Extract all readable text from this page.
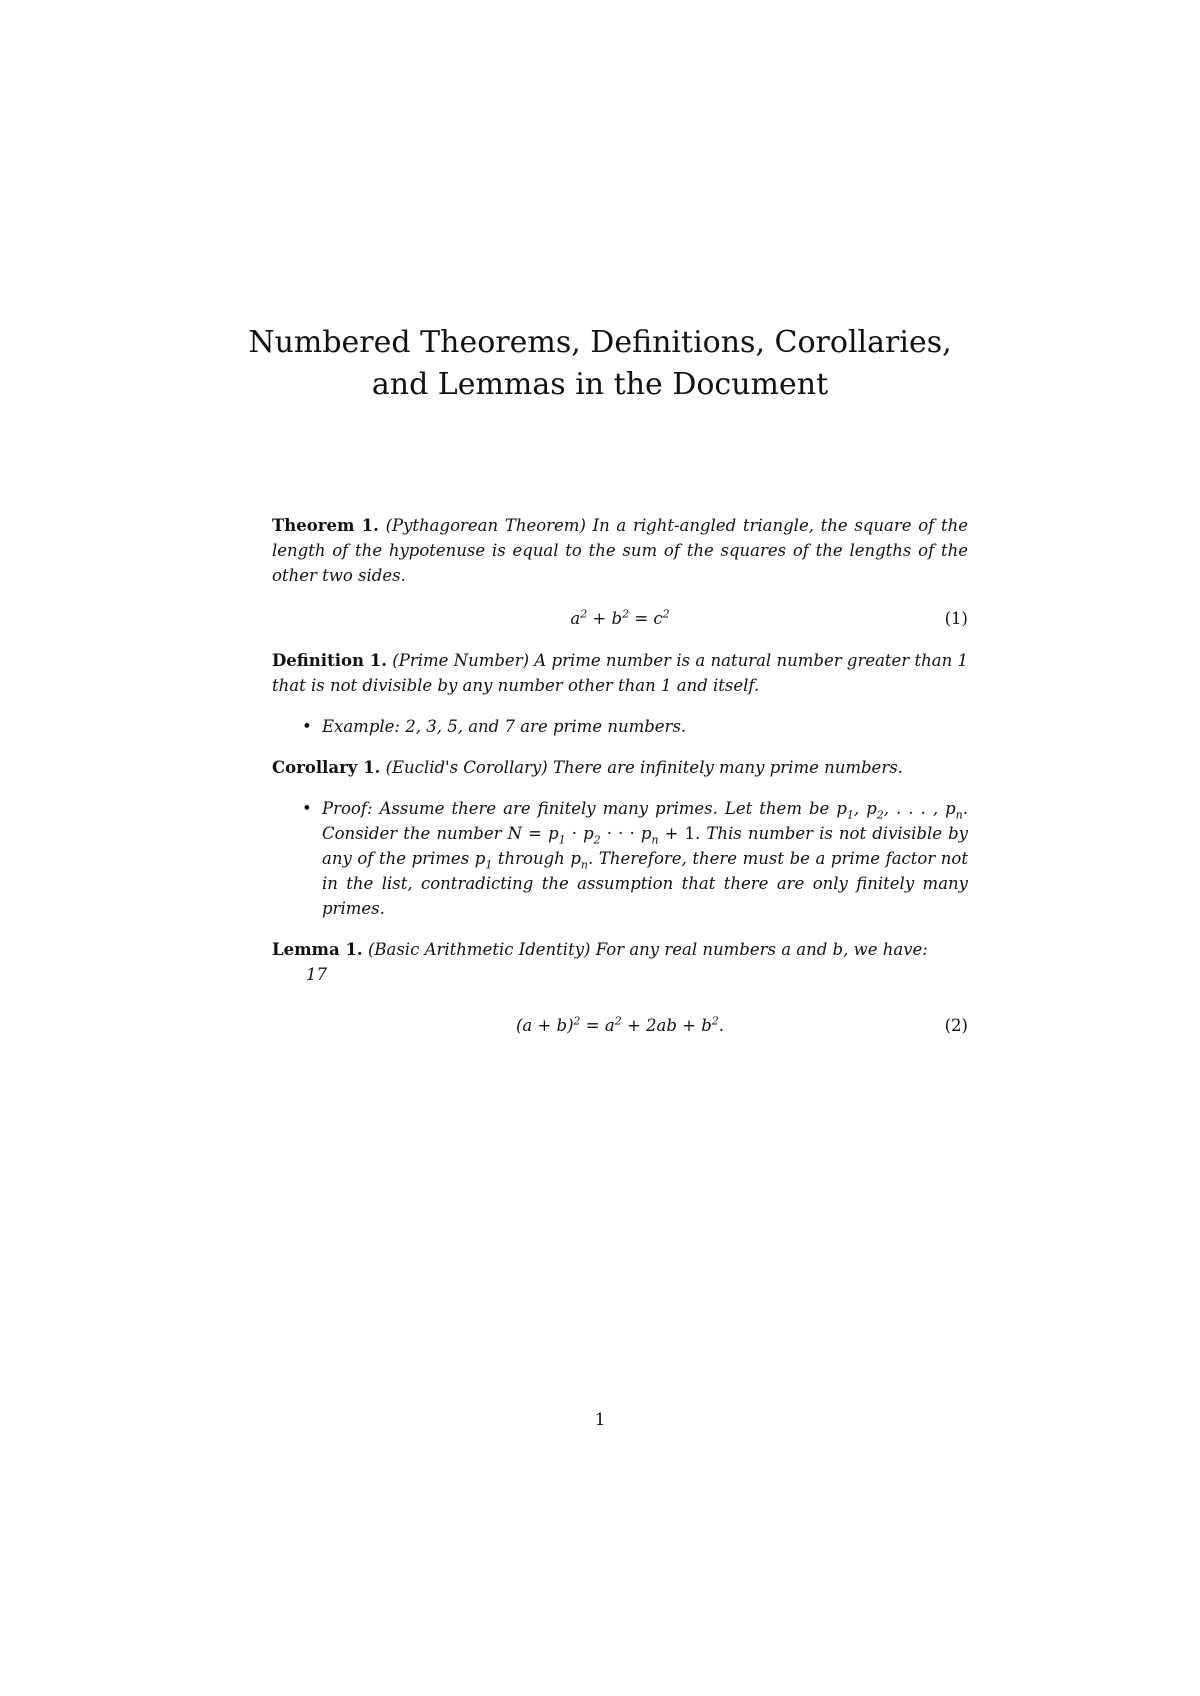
Numbered Theorems, Definitions, Corollaries,
and Lemmas in the Document

Theorem 1. (Pythagorean Theorem) In a right-angled triangle, the square of the length of the hypotenuse is equal to the sum of the squares of the lengths of the other two sides.

$a^2 + b^2 = c^2$	(1)

Definition 1. (Prime Number) A prime number is a natural number greater than 1 that is not divisible by any number other than 1 and itself.

• Example: 2, 3, 5, and 7 are prime numbers.

Corollary 1. (Euclid's Corollary) There are infinitely many prime numbers.

• Proof: Assume there are finitely many primes. Let them be $p_1$, $p_2$, . . . , $p_n$. Consider the number $N = p_1 \cdot p_2$ · · · $p_n + 1$. This number is not divisible by any of the primes $p_1$ through $p_n$. Therefore, there must be a prime factor not in the list, contradicting the assumption that there are only finitely many primes.

Lemma 1. (Basic Arithmetic Identity) For any real numbers a and b, we have:

17
$(a + b)^2 = a^2 + 2ab + b^2$.	(2)
1
